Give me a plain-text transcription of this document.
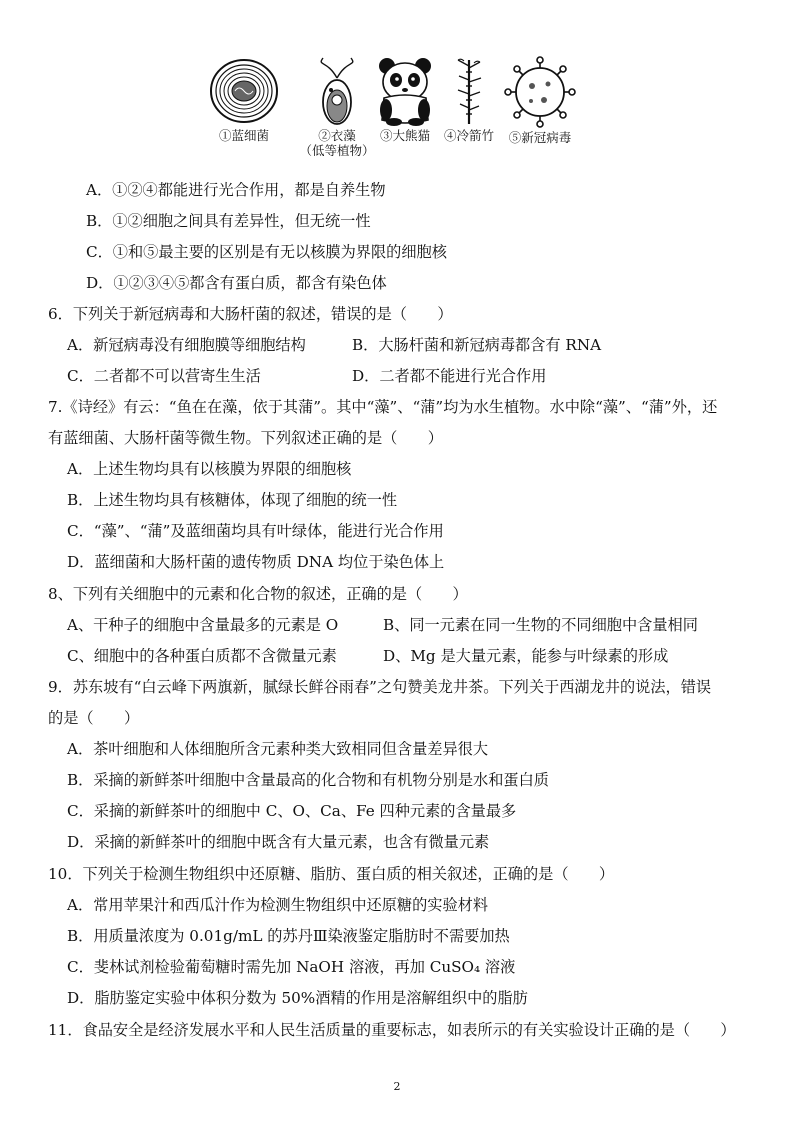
①蓝细菌	②衣藻
（低等植物）
③大熊猫	④冷箭竹	⑤新冠病毒
A．①②④都能进行光合作用，都是自养生物
B．①②细胞之间具有差异性，但无统一性
C．①和⑤最主要的区别是有无以核膜为界限的细胞核
D．①②③④⑤都含有蛋白质，都含有染色体
6．下列关于新冠病毒和大肠杆菌的叙述，错误的是（　　）
A．新冠病毒没有细胞膜等细胞结构	B．大肠杆菌和新冠病毒都含有 RNA
C．二者都不可以营寄生生活	D．二者都不能进行光合作用
7.《诗经》有云：“鱼在在藻，依于其蒲”。其中“藻”、“蒲”均为水生植物。水中除“藻”、“蒲”外，还
有蓝细菌、大肠杆菌等微生物。下列叙述正确的是（　　）
A．上述生物均具有以核膜为界限的细胞核
B．上述生物均具有核糖体，体现了细胞的统一性
C．“藻”、“蒲”及蓝细菌均具有叶绿体，能进行光合作用
D．蓝细菌和大肠杆菌的遗传物质 DNA 均位于染色体上
8、下列有关细胞中的元素和化合物的叙述，正确的是（　　）
A、干种子的细胞中含量最多的元素是 O	B、同一元素在同一生物的不同细胞中含量相同
C、细胞中的各种蛋白质都不含微量元素	D、Mg 是大量元素，能参与叶绿素的形成
9．苏东坡有“白云峰下两旗新，腻绿长鲜谷雨春”之句赞美龙井茶。下列关于西湖龙井的说法，错误
的是（　　）
A．茶叶细胞和人体细胞所含元素种类大致相同但含量差异很大
B．采摘的新鲜茶叶细胞中含量最高的化合物和有机物分别是水和蛋白质
C．采摘的新鲜茶叶的细胞中 C、O、Ca、Fe 四种元素的含量最多
D．采摘的新鲜茶叶的细胞中既含有大量元素，也含有微量元素
10．下列关于检测生物组织中还原糖、脂肪、蛋白质的相关叙述，正确的是（　　）
A．常用苹果汁和西瓜汁作为检测生物组织中还原糖的实验材料
B．用质量浓度为 0.01g/mL 的苏丹Ⅲ染液鉴定脂肪时不需要加热
C．斐林试剂检验葡萄糖时需先加 NaOH 溶液，再加 CuSO₄ 溶液
D．脂肪鉴定实验中体积分数为 50%酒精的作用是溶解组织中的脂肪
11．食品安全是经济发展水平和人民生活质量的重要标志，如表所示的有关实验设计正确的是（　　）
2
